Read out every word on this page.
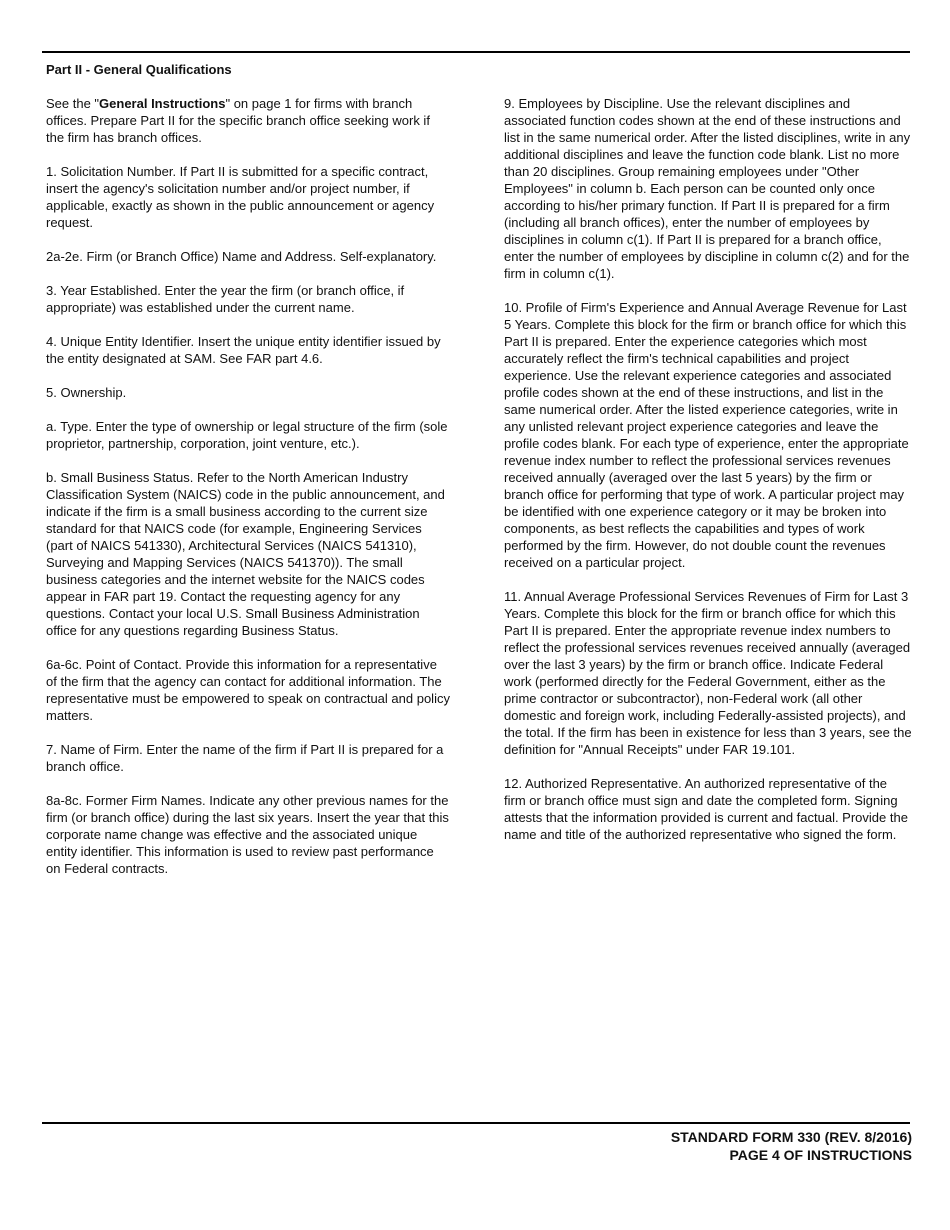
Part II - General Qualifications

See the "General Instructions" on page 1 for firms with branch offices. Prepare Part II for the specific branch office seeking work if the firm has branch offices.

1. Solicitation Number. If Part II is submitted for a specific contract, insert the agency's solicitation number and/or project number, if applicable, exactly as shown in the public announcement or agency request.

2a-2e. Firm (or Branch Office) Name and Address. Self-explanatory.

3. Year Established. Enter the year the firm (or branch office, if appropriate) was established under the current name.

4. Unique Entity Identifier. Insert the unique entity identifier issued by the entity designated at SAM. See FAR part 4.6.

5. Ownership.

a. Type. Enter the type of ownership or legal structure of the firm (sole proprietor, partnership, corporation, joint venture, etc.).

b. Small Business Status. Refer to the North American Industry Classification System (NAICS) code in the public announcement, and indicate if the firm is a small business according to the current size standard for that NAICS code (for example, Engineering Services (part of NAICS 541330), Architectural Services (NAICS 541310), Surveying and Mapping Services (NAICS 541370)). The small business categories and the internet website for the NAICS codes appear in FAR part 19. Contact the requesting agency for any questions. Contact your local U.S. Small Business Administration office for any questions regarding Business Status.

6a-6c. Point of Contact. Provide this information for a representative of the firm that the agency can contact for additional information. The representative must be empowered to speak on contractual and policy matters.

7. Name of Firm. Enter the name of the firm if Part II is prepared for a branch office.

8a-8c. Former Firm Names. Indicate any other previous names for the firm (or branch office) during the last six years. Insert the year that this corporate name change was effective and the associated unique entity identifier. This information is used to review past performance on Federal contracts.

9. Employees by Discipline. Use the relevant disciplines and associated function codes shown at the end of these instructions and list in the same numerical order. After the listed disciplines, write in any additional disciplines and leave the function code blank. List no more than 20 disciplines. Group remaining employees under "Other Employees" in column b. Each person can be counted only once according to his/her primary function. If Part II is prepared for a firm (including all branch offices), enter the number of employees by disciplines in column c(1). If Part II is prepared for a branch office, enter the number of employees by discipline in column c(2) and for the firm in column c(1).

10. Profile of Firm's Experience and Annual Average Revenue for Last 5 Years. Complete this block for the firm or branch office for which this Part II is prepared. Enter the experience categories which most accurately reflect the firm's technical capabilities and project experience. Use the relevant experience categories and associated profile codes shown at the end of these instructions, and list in the same numerical order. After the listed experience categories, write in any unlisted relevant project experience categories and leave the profile codes blank. For each type of experience, enter the appropriate revenue index number to reflect the professional services revenues received annually (averaged over the last 5 years) by the firm or branch office for performing that type of work. A particular project may be identified with one experience category or it may be broken into components, as best reflects the capabilities and types of work performed by the firm. However, do not double count the revenues received on a particular project.

11. Annual Average Professional Services Revenues of Firm for Last 3 Years. Complete this block for the firm or branch office for which this Part II is prepared. Enter the appropriate revenue index numbers to reflect the professional services revenues received annually (averaged over the last 3 years) by the firm or branch office. Indicate Federal work (performed directly for the Federal Government, either as the prime contractor or subcontractor), non-Federal work (all other domestic and foreign work, including Federally-assisted projects), and the total. If the firm has been in existence for less than 3 years, see the definition for "Annual Receipts" under FAR 19.101.

12. Authorized Representative. An authorized representative of the firm or branch office must sign and date the completed form. Signing attests that the information provided is current and factual. Provide the name and title of the authorized representative who signed the form.

STANDARD FORM 330 (REV. 8/2016)
PAGE 4 OF INSTRUCTIONS
